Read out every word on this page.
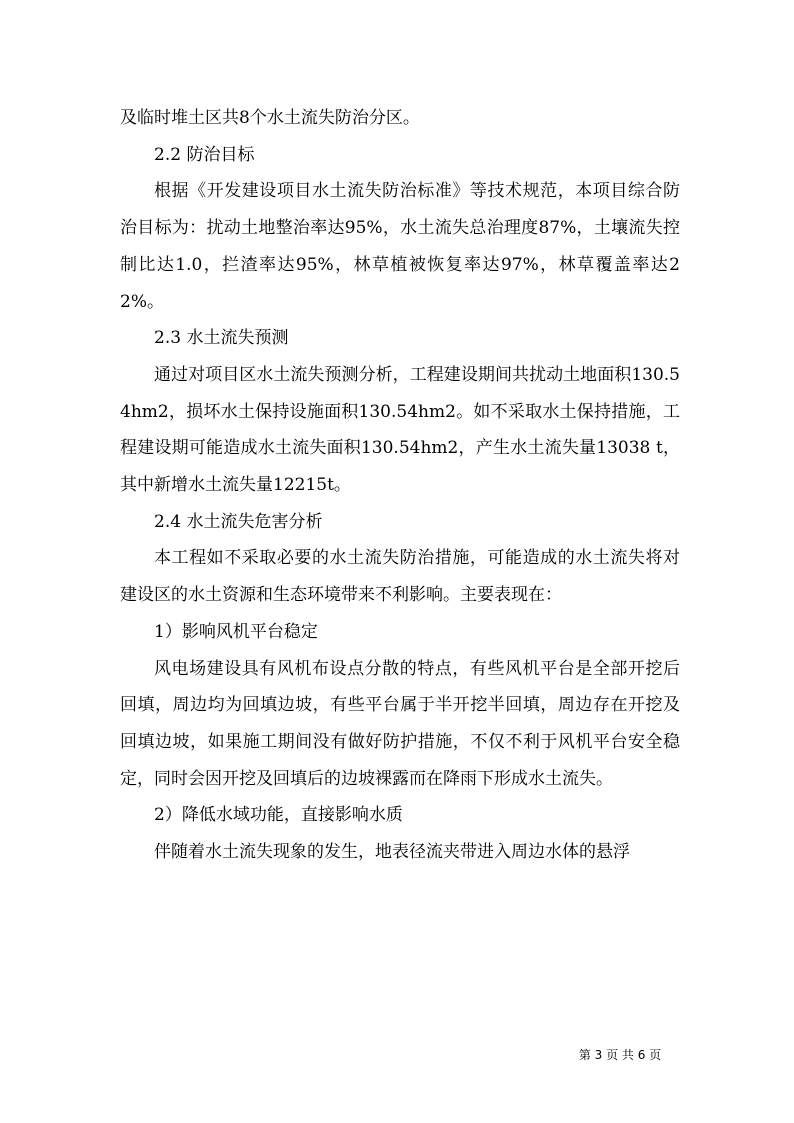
及临时堆土区共8个水土流失防治分区。

2.2 防治目标

根据《开发建设项目水土流失防治标准》等技术规范，本项目综合防治目标为：扰动土地整治率达95%，水土流失总治理度87%，土壤流失控制比达1.0，拦渣率达95%，林草植被恢复率达97%，林草覆盖率达22%。

2.3 水土流失预测

通过对项目区水土流失预测分析，工程建设期间共扰动土地面积130.54hm2，损坏水土保持设施面积130.54hm2。如不采取水土保持措施，工程建设期可能造成水土流失面积130.54hm2，产生水土流失量13038 t，其中新增水土流失量12215t。

2.4 水土流失危害分析

本工程如不采取必要的水土流失防治措施，可能造成的水土流失将对建设区的水土资源和生态环境带来不利影响。主要表现在：

1）影响风机平台稳定

风电场建设具有风机布设点分散的特点，有些风机平台是全部开挖后回填，周边均为回填边坡，有些平台属于半开挖半回填，周边存在开挖及回填边坡，如果施工期间没有做好防护措施，不仅不利于风机平台安全稳定，同时会因开挖及回填后的边坡裸露而在降雨下形成水土流失。

2）降低水域功能，直接影响水质

伴随着水土流失现象的发生，地表径流夹带进入周边水体的悬浮

第 3 页 共 6 页
